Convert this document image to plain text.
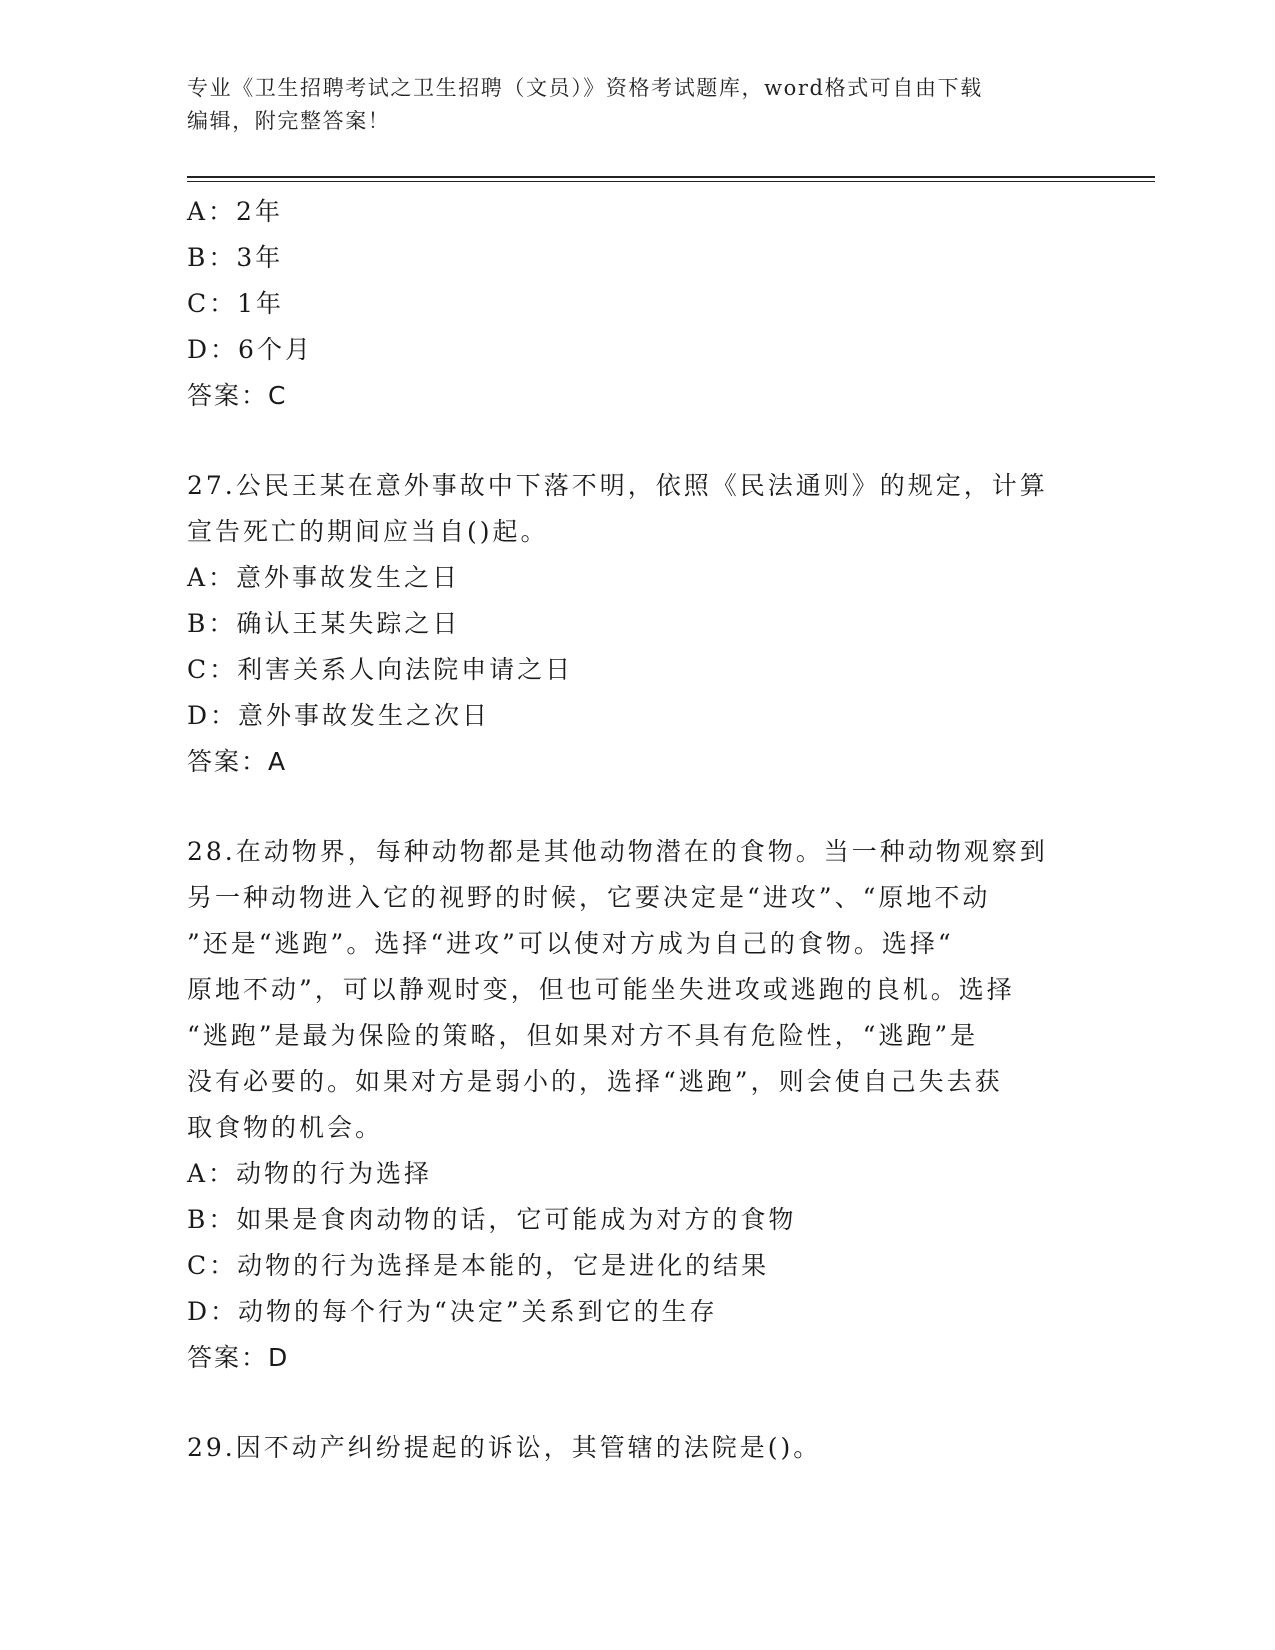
专业《卫生招聘考试之卫生招聘（文员）》资格考试题库，word格式可自由下载
编辑，附完整答案！
A：2年
B：3年
C：1年
D：6个月
答案：C
27.公民王某在意外事故中下落不明，依照《民法通则》的规定，计算
宣告死亡的期间应当自()起。
A：意外事故发生之日
B：确认王某失踪之日
C：利害关系人向法院申请之日
D：意外事故发生之次日
答案：A
28.在动物界，每种动物都是其他动物潜在的食物。当一种动物观察到
另一种动物进入它的视野的时候，它要决定是“进攻”、“原地不动
”还是“逃跑”。选择“进攻”可以使对方成为自己的食物。选择“
原地不动”，可以静观时变，但也可能坐失进攻或逃跑的良机。选择
“逃跑”是最为保险的策略，但如果对方不具有危险性，“逃跑”是
没有必要的。如果对方是弱小的，选择“逃跑”，则会使自己失去获
取食物的机会。
A：动物的行为选择
B：如果是食肉动物的话，它可能成为对方的食物
C：动物的行为选择是本能的，它是进化的结果
D：动物的每个行为“决定”关系到它的生存
答案：D
29.因不动产纠纷提起的诉讼，其管辖的法院是()。
